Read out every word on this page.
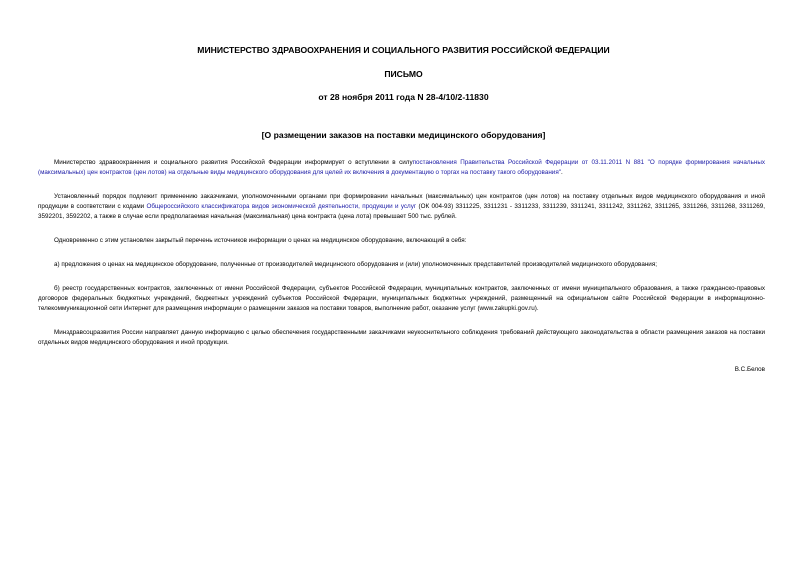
МИНИСТЕРСТВО ЗДРАВООХРАНЕНИЯ И СОЦИАЛЬНОГО РАЗВИТИЯ РОССИЙСКОЙ ФЕДЕРАЦИИ
ПИСЬМО
от 28 ноября 2011 года N 28-4/10/2-11830
[О размещении заказов на поставки медицинского оборудования]

Министерство здравоохранения и социального развития Российской Федерации информирует о вступлении в силупостановления Правительства Российской Федерации от 03.11.2011 N 881 "О порядке формирования начальных (максимальных) цен контрактов (цен лотов) на отдельные виды медицинского оборудования для целей их включения в документацию о торгах на поставку такого оборудования".

Установленный порядок подлежит применению заказчиками, уполномоченными органами при формировании начальных (максимальных) цен контрактов (цен лотов) на поставку отдельных видов медицинского оборудования и иной продукции в соответствии с кодами Общероссийского классификатора видов экономической деятельности, продукции и услуг (ОК 004-93) 3311225, 3311231 - 3311233, 3311239, 3311241, 3311242, 3311262, 3311265, 3311266, 3311268, 3311269, 3592201, 3592202, а также в случае если предполагаемая начальная (максимальная) цена контракта (цена лота) превышает 500 тыс. рублей.

Одновременно с этим установлен закрытый перечень источников информации о ценах на медицинское оборудование, включающий в себя:

а) предложения о ценах на медицинское оборудование, полученные от производителей медицинского оборудования и (или) уполномоченных представителей производителей медицинского оборудования;

б) реестр государственных контрактов, заключенных от имени Российской Федерации, субъектов Российской Федерации, муниципальных контрактов, заключенных от имени муниципального образования, а также гражданско-правовых договоров федеральных бюджетных учреждений, бюджетных учреждений субъектов Российской Федерации, муниципальных бюджетных учреждений, размещенный на официальном сайте Российской Федерации в информационно-телекоммуникационной сети Интернет для размещения информации о размещении заказов на поставки товаров, выполнение работ, оказание услуг (www.zakupki.gov.ru).

Минздравсоцразвития России направляет данную информацию с целью обеспечения государственными заказчиками неукоснительного соблюдения требований действующего законодательства в области размещения заказов на поставки отдельных видов медицинского оборудования и иной продукции.

В.С.Белов
